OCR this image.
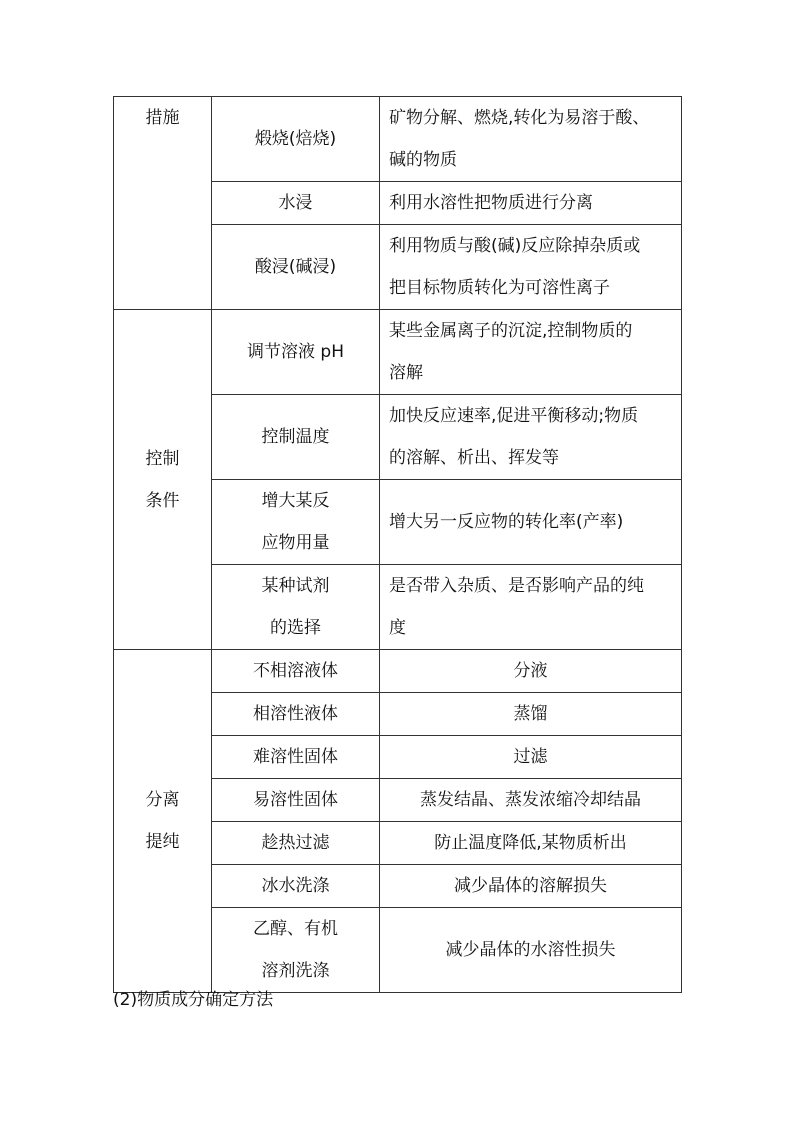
措施	煅烧(焙烧)	矿物分解、燃烧,转化为易溶于酸、
碱的物质

	水浸	利用水溶性把物质进行分离

	酸浸(碱浸)	利用物质与酸(碱)反应除掉杂质或
把目标物质转化为可溶性离子

控制
条件	调节溶液 pH	某些金属离子的沉淀,控制物质的
溶解

	控制温度	加快反应速率,促进平衡移动;物质
的溶解、析出、挥发等

	增大某反
应物用量	增大另一反应物的转化率(产率)

	某种试剂
的选择	是否带入杂质、是否影响产品的纯
度

分离
提纯	不相溶液体	分液

	相溶性液体	蒸馏

	难溶性固体	过滤

	易溶性固体	蒸发结晶、蒸发浓缩冷却结晶

	趁热过滤	防止温度降低,某物质析出

	冰水洗涤	减少晶体的溶解损失

	乙醇、有机
溶剂洗涤	减少晶体的水溶性损失
(2)物质成分确定方法
